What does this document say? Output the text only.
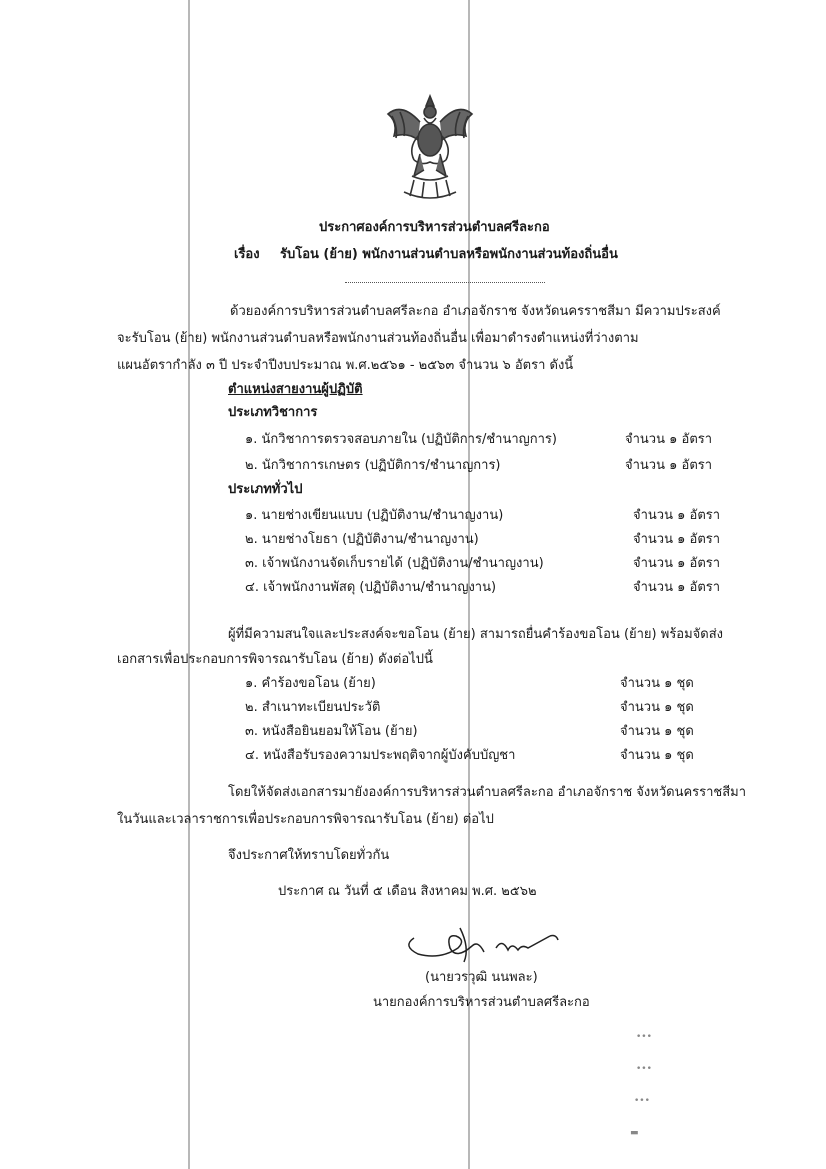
ประกาศองค์การบริหารส่วนตำบลศรีละกอ
เรื่อง รับโอน (ย้าย) พนักงานส่วนตำบลหรือพนักงานส่วนท้องถิ่นอื่น
ด้วยองค์การบริหารส่วนตำบลศรีละกอ อำเภอจักราช จังหวัดนครราชสีมา มีความประสงค์
จะรับโอน (ย้าย) พนักงานส่วนตำบลหรือพนักงานส่วนท้องถิ่นอื่น เพื่อมาดำรงตำแหน่งที่ว่างตาม
แผนอัตรากำลัง ๓ ปี ประจำปีงบประมาณ พ.ศ.๒๕๖๑ - ๒๕๖๓ จำนวน ๖ อัตรา ดังนี้
ตำแหน่งสายงานผู้ปฏิบัติ
ประเภทวิชาการ
๑. นักวิชาการตรวจสอบภายใน (ปฏิบัติการ/ชำนาญการ)	จำนวน ๑ อัตรา
๒. นักวิชาการเกษตร (ปฏิบัติการ/ชำนาญการ)	จำนวน ๑ อัตรา
ประเภททั่วไป
๑. นายช่างเขียนแบบ (ปฏิบัติงาน/ชำนาญงาน)	จำนวน ๑ อัตรา
๒. นายช่างโยธา (ปฏิบัติงาน/ชำนาญงาน)	จำนวน ๑ อัตรา
๓. เจ้าพนักงานจัดเก็บรายได้ (ปฏิบัติงาน/ชำนาญงาน)	จำนวน ๑ อัตรา
๔. เจ้าพนักงานพัสดุ (ปฏิบัติงาน/ชำนาญงาน)	จำนวน ๑ อัตรา
ผู้ที่มีความสนใจและประสงค์จะขอโอน (ย้าย) สามารถยื่นคำร้องขอโอน (ย้าย) พร้อมจัดส่ง
เอกสารเพื่อประกอบการพิจารณารับโอน (ย้าย) ดังต่อไปนี้
๑. คำร้องขอโอน (ย้าย)	จำนวน ๑ ชุด
๒. สำเนาทะเบียนประวัติ	จำนวน ๑ ชุด
๓. หนังสือยินยอมให้โอน (ย้าย)	จำนวน ๑ ชุด
๔. หนังสือรับรองความประพฤติจากผู้บังคับบัญชา	จำนวน ๑ ชุด
โดยให้จัดส่งเอกสารมายังองค์การบริหารส่วนตำบลศรีละกอ อำเภอจักราช จังหวัดนครราชสีมา
ในวันและเวลาราชการเพื่อประกอบการพิจารณารับโอน (ย้าย) ต่อไป
จึงประกาศให้ทราบโดยทั่วกัน
ประกาศ ณ วันที่ ๕ เดือน สิงหาคม พ.ศ. ๒๕๖๒
(นายวรวุฒิ นนพละ)
นายกองค์การบริหารส่วนตำบลศรีละกอ
•••
•••
•••
▬
